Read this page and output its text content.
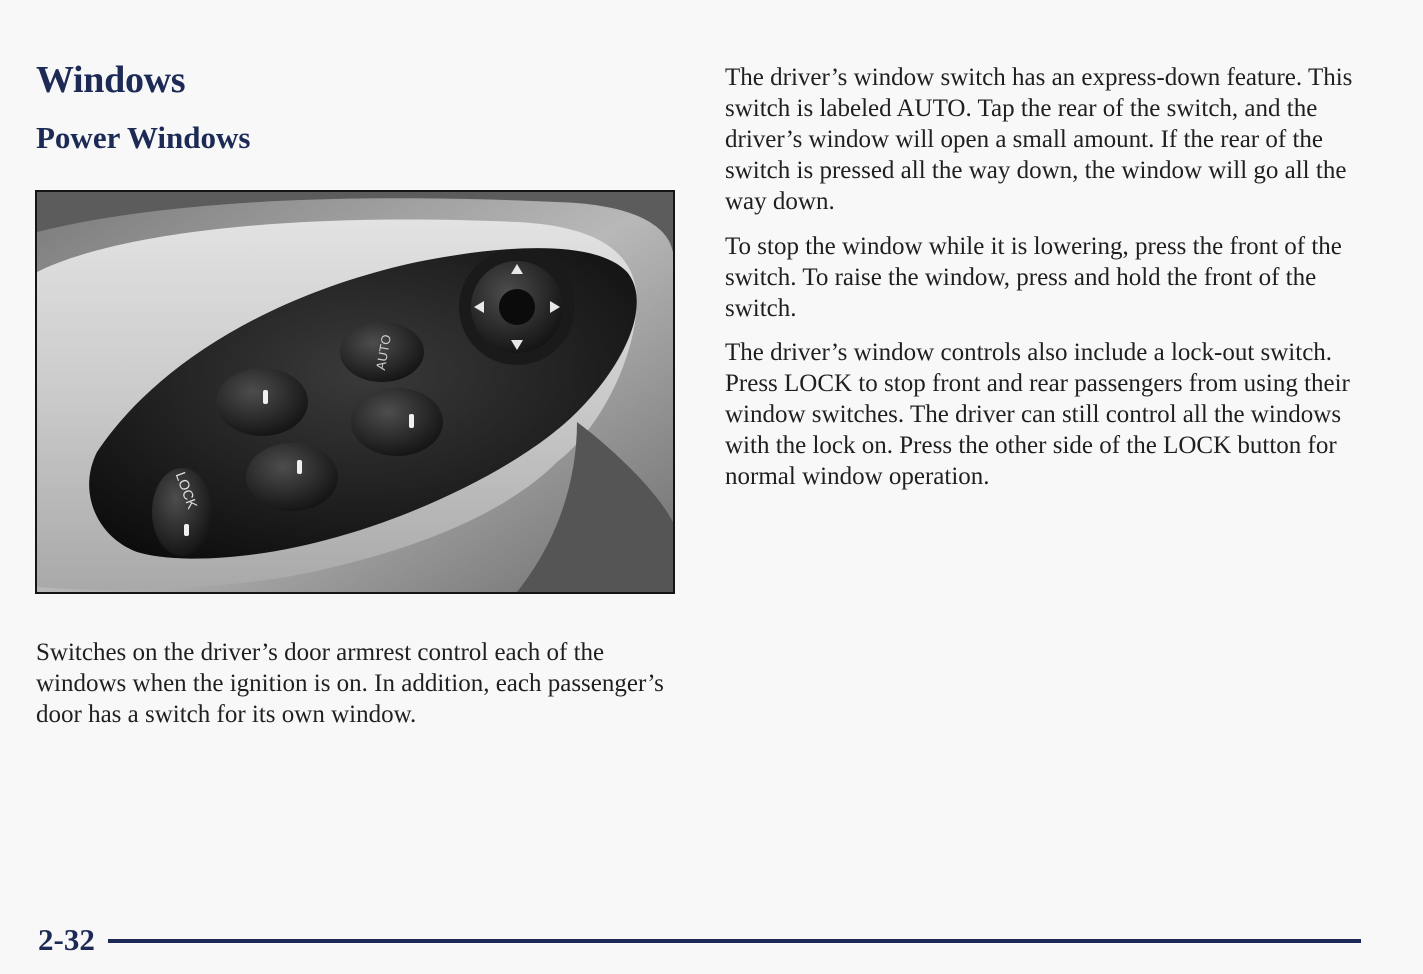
Windows
Power Windows
AUTO
LOCK

Switches on the driver’s door armrest control each of the windows when the ignition is on. In addition, each passenger’s door has a switch for its own window.

The driver’s window switch has an express-down feature. This switch is labeled AUTO. Tap the rear of the switch, and the driver’s window will open a small amount. If the rear of the switch is pressed all the way down, the window will go all the way down.

To stop the window while it is lowering, press the front of the switch. To raise the window, press and hold the front of the switch.

The driver’s window controls also include a lock-out switch. Press LOCK to stop front and rear passengers from using their window switches. The driver can still control all the windows with the lock on. Press the other side of the LOCK button for normal window operation.

2-32
